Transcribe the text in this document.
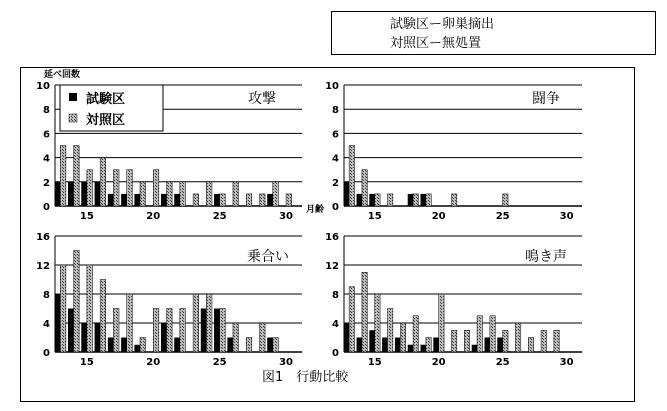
試験区ー卵巣摘出
対照区ー無処置
延べ回数
月齢
0
2
4
6
8
10
15	20	25	30
攻撃
0
2
4
6
8
10
15	20	25	30
闘争
0
4
8
12
16
15	20	25	30
乗合い
0
4
8
12
16
15	20	25	30
鳴き声
試験区
対照区
図1　行動比較
